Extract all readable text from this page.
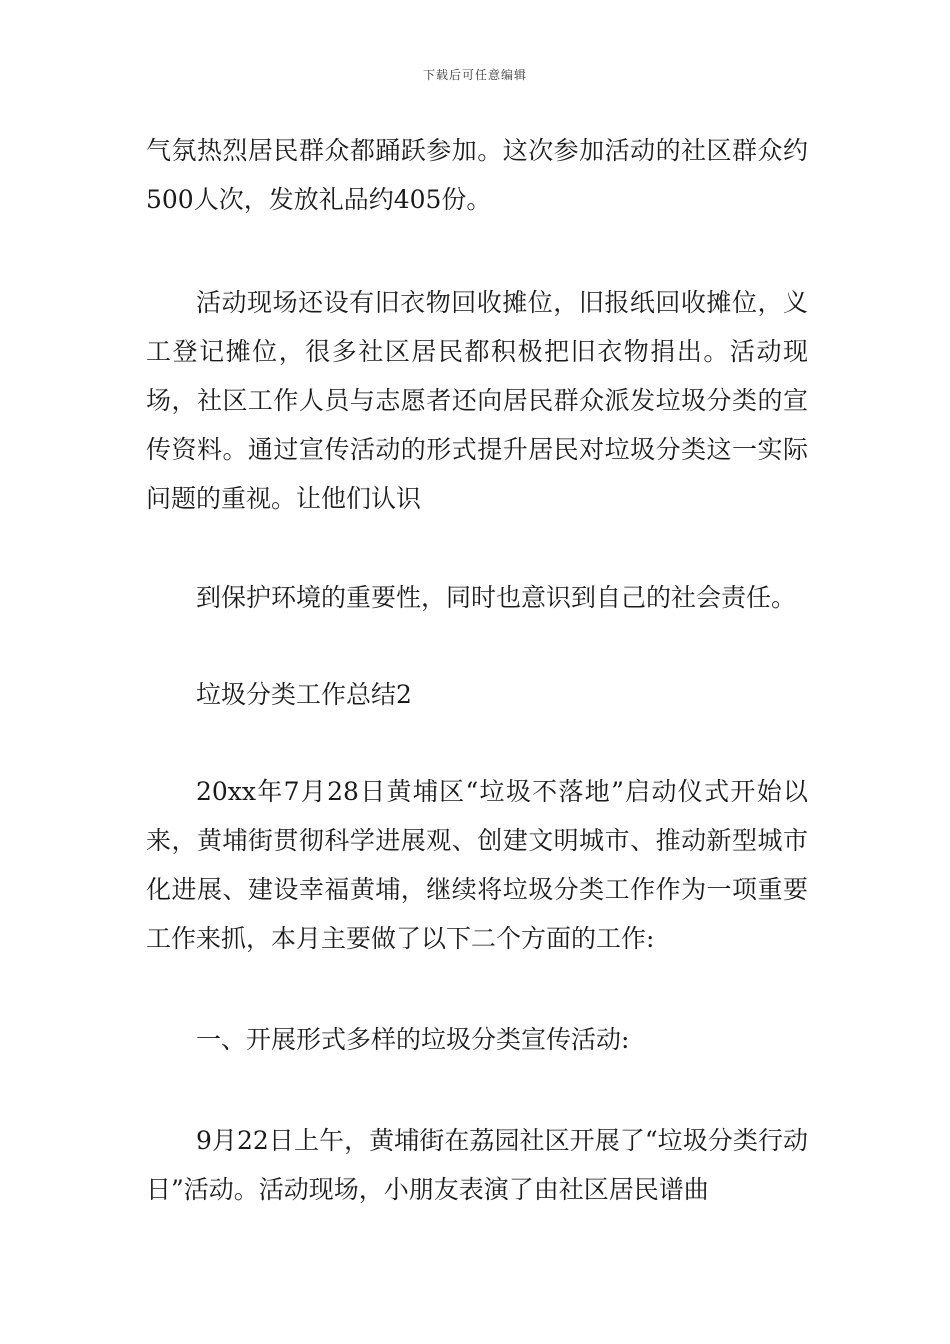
下载后可任意编辑

气氛热烈居民群众都踊跃参加。这次参加活动的社区群众约500人次，发放礼品约405份。

活动现场还设有旧衣物回收摊位，旧报纸回收摊位，义工登记摊位，很多社区居民都积极把旧衣物捐出。活动现场，社区工作人员与志愿者还向居民群众派发垃圾分类的宣传资料。通过宣传活动的形式提升居民对垃圾分类这一实际问题的重视。让他们认识

到保护环境的重要性，同时也意识到自己的社会责任。

垃圾分类工作总结2

20xx年7月28日黄埔区“垃圾不落地”启动仪式开始以来，黄埔街贯彻科学进展观、创建文明城市、推动新型城市化进展、建设幸福黄埔，继续将垃圾分类工作作为一项重要工作来抓，本月主要做了以下二个方面的工作:

一、开展形式多样的垃圾分类宣传活动:

9月22日上午，黄埔街在荔园社区开展了“垃圾分类行动日”活动。活动现场，小朋友表演了由社区居民谱曲
